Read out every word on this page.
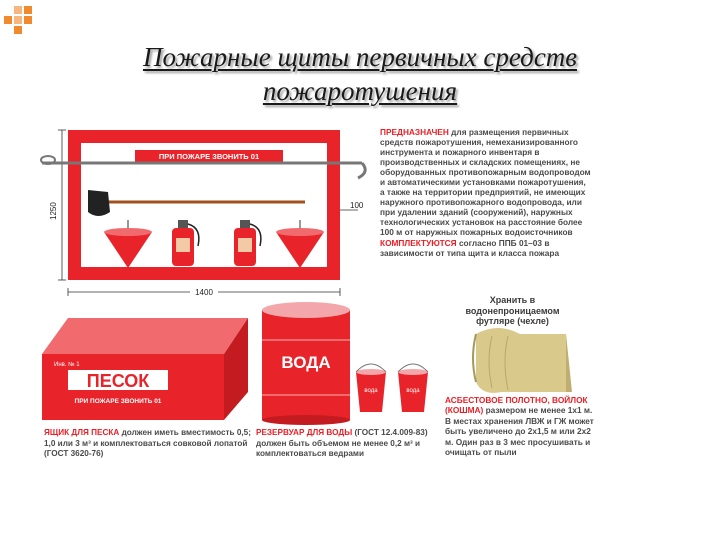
Пожарные щиты первичных средств
пожаротушения
1250
ПРИ ПОЖАРЕ ЗВОНИТЬ 01
100
1400
ПРЕДНАЗНАЧЕН для размещения первичных средств пожаротушения, немеханизированного инструмента и пожарного инвентаря в производственных и складских помещениях, не оборудованных противопожарным водопроводом и автоматическими установками пожаротушения, а также на территории предприятий, не имеющих наружного противопожарного водопровода, или при удалении зданий (сооружений), наружных технологических установок на расстояние более 100 м от наружных пожарных водоисточников КОМПЛЕКТУЮТСЯ согласно ППБ 01–03 в зависимости от типа щита и класса пожара
Инв. № 1
ПЕСОК
ПРИ ПОЖАРЕ ЗВОНИТЬ 01
ЯЩИК ДЛЯ ПЕСКА должен иметь вместимость 0,5; 1,0 или 3 м³ и комплектоваться совковой лопатой (ГОСТ 3620-76)
ВОДА
вода	вода
РЕЗЕРВУАР ДЛЯ ВОДЫ (ГОСТ 12.4.009-83) должен быть объемом не менее 0,2 м³ и комплектоваться ведрами
Хранить в водонепроницаемом футляре (чехле)
АСБЕСТОВОЕ ПОЛОТНО, ВОЙЛОК (КОШМА) размером не менее 1х1 м. В местах хранения ЛВЖ и ГЖ может быть увеличено до 2х1,5 м или 2х2 м. Один раз в 3 мес просушивать и очищать от пыли
